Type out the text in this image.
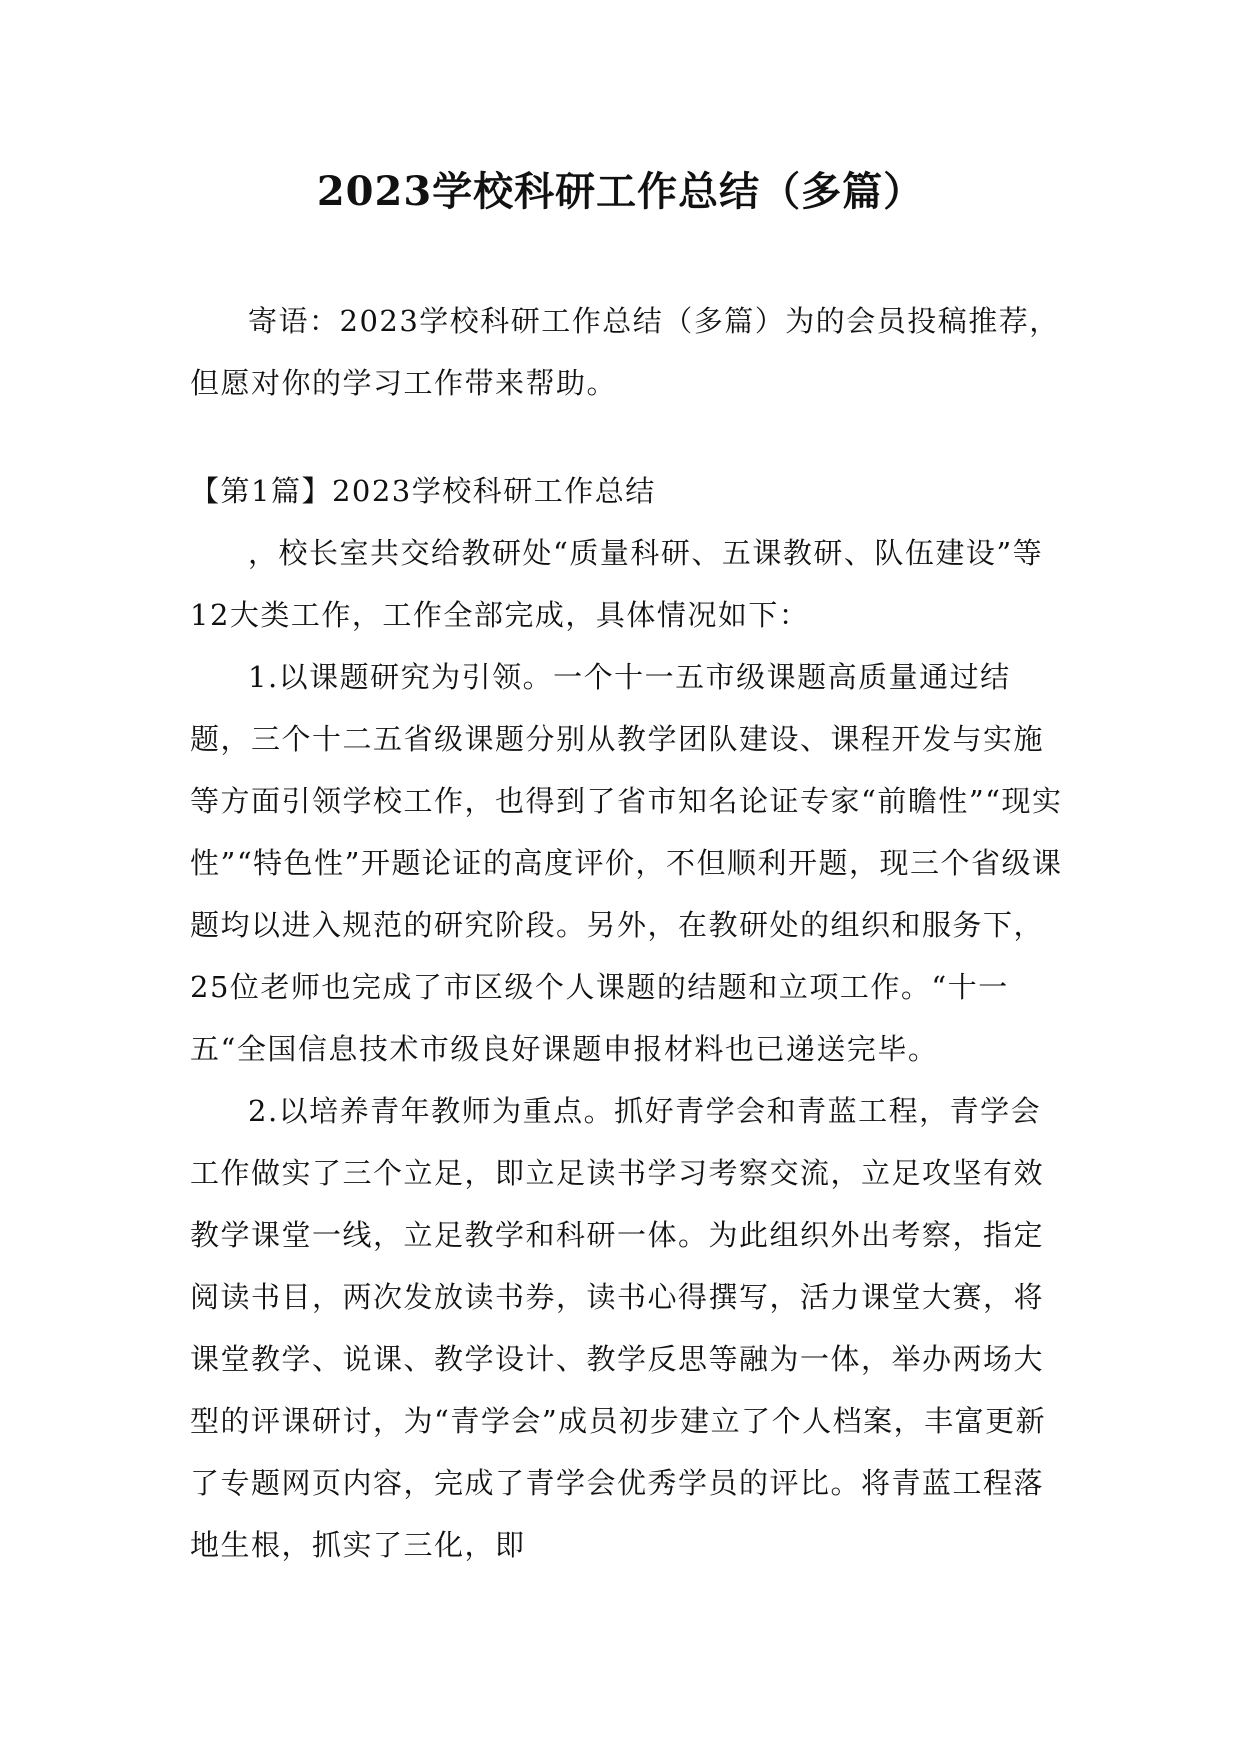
2023学校科研工作总结（多篇）

寄语：2023学校科研工作总结（多篇）为的会员投稿推荐，但愿对你的学习工作带来帮助。

【第1篇】2023学校科研工作总结

，校长室共交给教研处“质量科研、五课教研、队伍建设”等12大类工作，工作全部完成，具体情况如下：

1.以课题研究为引领。一个十一五市级课题高质量通过结题，三个十二五省级课题分别从教学团队建设、课程开发与实施等方面引领学校工作，也得到了省市知名论证专家“前瞻性”“现实性”“特色性”开题论证的高度评价，不但顺利开题，现三个省级课题均以进入规范的研究阶段。另外，在教研处的组织和服务下，25位老师也完成了市区级个人课题的结题和立项工作。“十一五“全国信息技术市级良好课题申报材料也已递送完毕。

2.以培养青年教师为重点。抓好青学会和青蓝工程，青学会工作做实了三个立足，即立足读书学习考察交流，立足攻坚有效教学课堂一线，立足教学和科研一体。为此组织外出考察，指定阅读书目，两次发放读书券，读书心得撰写，活力课堂大赛，将课堂教学、说课、教学设计、教学反思等融为一体，举办两场大型的评课研讨，为“青学会”成员初步建立了个人档案，丰富更新了专题网页内容，完成了青学会优秀学员的评比。将青蓝工程落地生根，抓实了三化，即
